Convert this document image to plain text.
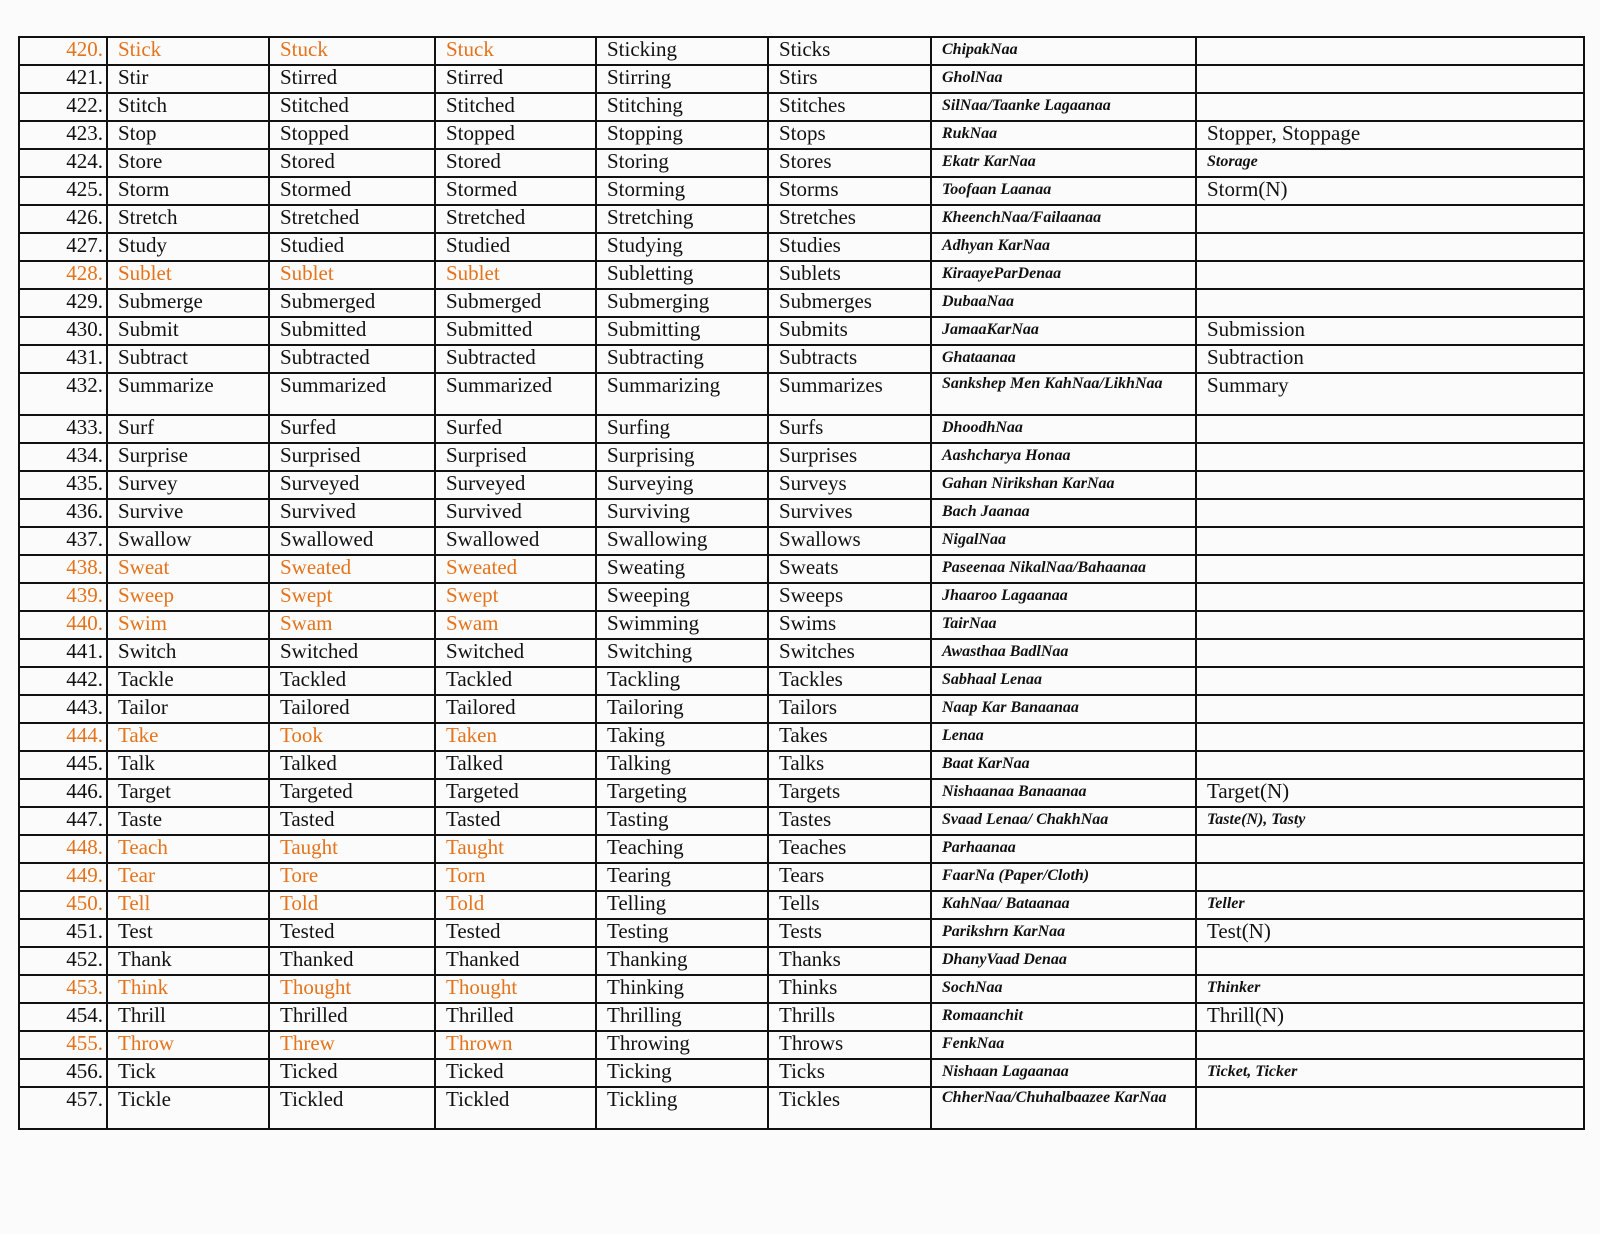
420.	Stick	Stuck	Stuck	Sticking	Sticks	ChipakNaa	
421.	Stir	Stirred	Stirred	Stirring	Stirs	GholNaa	
422.	Stitch	Stitched	Stitched	Stitching	Stitches	SilNaa/Taanke Lagaanaa	
423.	Stop	Stopped	Stopped	Stopping	Stops	RukNaa	Stopper, Stoppage
424.	Store	Stored	Stored	Storing	Stores	Ekatr KarNaa	Storage
425.	Storm	Stormed	Stormed	Storming	Storms	Toofaan Laanaa	Storm(N)
426.	Stretch	Stretched	Stretched	Stretching	Stretches	KheenchNaa/Failaanaa	
427.	Study	Studied	Studied	Studying	Studies	Adhyan KarNaa	
428.	Sublet	Sublet	Sublet	Subletting	Sublets	KiraayeParDenaa	
429.	Submerge	Submerged	Submerged	Submerging	Submerges	DubaaNaa	
430.	Submit	Submitted	Submitted	Submitting	Submits	JamaaKarNaa	Submission
431.	Subtract	Subtracted	Subtracted	Subtracting	Subtracts	Ghataanaa	Subtraction
432.	Summarize	Summarized	Summarized	Summarizing	Summarizes	Sankshep Men KahNaa/LikhNaa	Summary
433.	Surf	Surfed	Surfed	Surfing	Surfs	DhoodhNaa	
434.	Surprise	Surprised	Surprised	Surprising	Surprises	Aashcharya Honaa	
435.	Survey	Surveyed	Surveyed	Surveying	Surveys	Gahan Nirikshan KarNaa	
436.	Survive	Survived	Survived	Surviving	Survives	Bach Jaanaa	
437.	Swallow	Swallowed	Swallowed	Swallowing	Swallows	NigalNaa	
438.	Sweat	Sweated	Sweated	Sweating	Sweats	Paseenaa NikalNaa/Bahaanaa	
439.	Sweep	Swept	Swept	Sweeping	Sweeps	Jhaaroo Lagaanaa	
440.	Swim	Swam	Swam	Swimming	Swims	TairNaa	
441.	Switch	Switched	Switched	Switching	Switches	Awasthaa BadlNaa	
442.	Tackle	Tackled	Tackled	Tackling	Tackles	Sabhaal Lenaa	
443.	Tailor	Tailored	Tailored	Tailoring	Tailors	Naap Kar Banaanaa	
444.	Take	Took	Taken	Taking	Takes	Lenaa	
445.	Talk	Talked	Talked	Talking	Talks	Baat KarNaa	
446.	Target	Targeted	Targeted	Targeting	Targets	Nishaanaa Banaanaa	Target(N)
447.	Taste	Tasted	Tasted	Tasting	Tastes	Svaad Lenaa/ ChakhNaa	Taste(N), Tasty
448.	Teach	Taught	Taught	Teaching	Teaches	Parhaanaa	
449.	Tear	Tore	Torn	Tearing	Tears	FaarNa (Paper/Cloth)	
450.	Tell	Told	Told	Telling	Tells	KahNaa/ Bataanaa	Teller
451.	Test	Tested	Tested	Testing	Tests	Parikshrn KarNaa	Test(N)
452.	Thank	Thanked	Thanked	Thanking	Thanks	DhanyVaad Denaa	
453.	Think	Thought	Thought	Thinking	Thinks	SochNaa	Thinker
454.	Thrill	Thrilled	Thrilled	Thrilling	Thrills	Romaanchit	Thrill(N)
455.	Throw	Threw	Thrown	Throwing	Throws	FenkNaa	
456.	Tick	Ticked	Ticked	Ticking	Ticks	Nishaan Lagaanaa	Ticket, Ticker
457.	Tickle	Tickled	Tickled	Tickling	Tickles	ChherNaa/Chuhalbaazee KarNaa	
